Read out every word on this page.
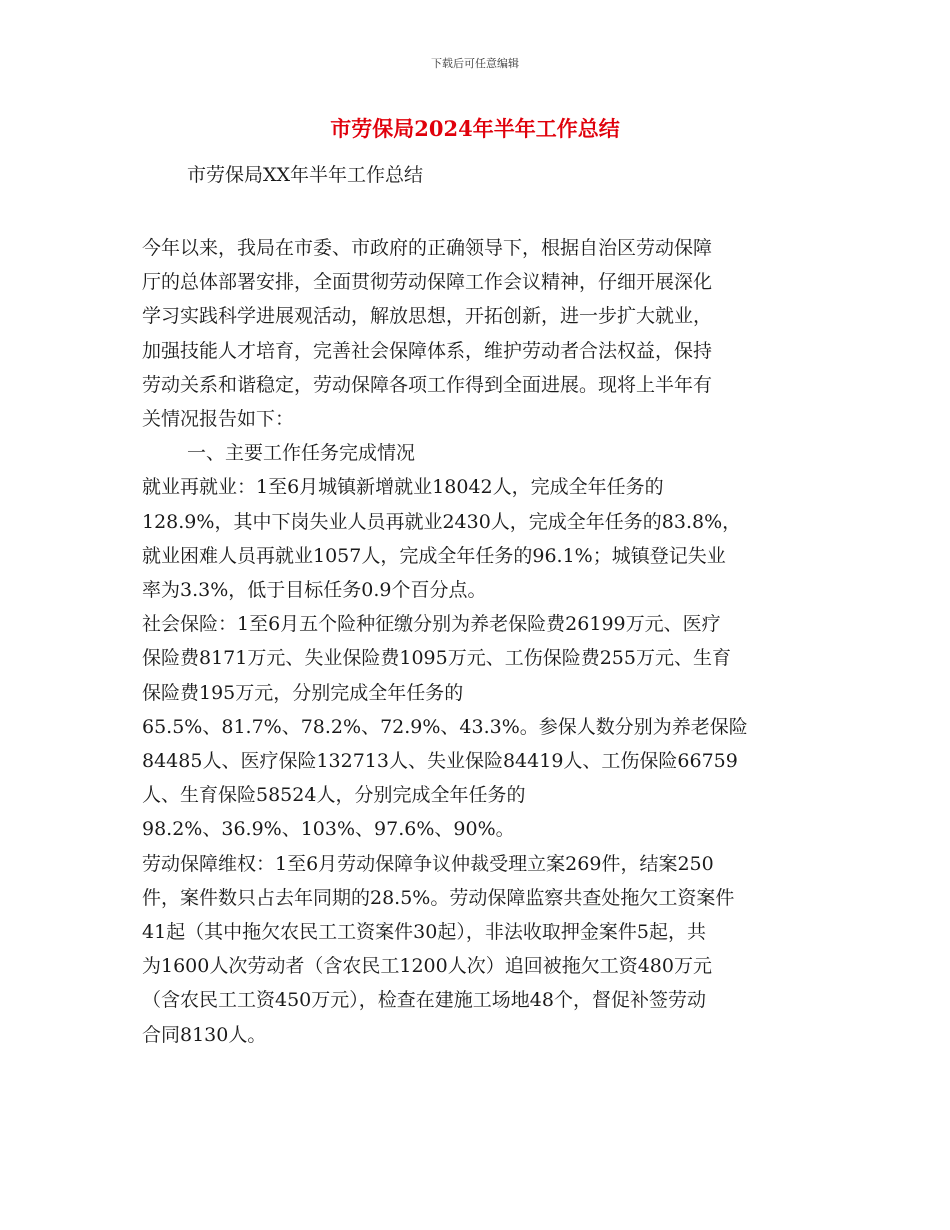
下载后可任意编辑
市劳保局2024年半年工作总结
市劳保局XX年半年工作总结

今年以来，我局在市委、市政府的正确领导下，根据自治区劳动保障
厅的总体部署安排，全面贯彻劳动保障工作会议精神，仔细开展深化
学习实践科学进展观活动，解放思想，开拓创新，进一步扩大就业，
加强技能人才培育，完善社会保障体系，维护劳动者合法权益，保持
劳动关系和谐稳定，劳动保障各项工作得到全面进展。现将上半年有
关情况报告如下：

一、主要工作任务完成情况

就业再就业：1至6月城镇新增就业18042人，完成全年任务的
128.9%，其中下岗失业人员再就业2430人，完成全年任务的83.8%，
就业困难人员再就业1057人，完成全年任务的96.1%；城镇登记失业
率为3.3%，低于目标任务0.9个百分点。

社会保险：1至6月五个险种征缴分别为养老保险费26199万元、医疗
保险费8171万元、失业保险费1095万元、工伤保险费255万元、生育
保险费195万元，分别完成全年任务的
65.5%、81.7%、78.2%、72.9%、43.3%。参保人数分别为养老保险
84485人、医疗保险132713人、失业保险84419人、工伤保险66759
人、生育保险58524人，分别完成全年任务的
98.2%、36.9%、103%、97.6%、90%。

劳动保障维权：1至6月劳动保障争议仲裁受理立案269件，结案250
件，案件数只占去年同期的28.5%。劳动保障监察共查处拖欠工资案件
41起（其中拖欠农民工工资案件30起），非法收取押金案件5起，共
为1600人次劳动者（含农民工1200人次）追回被拖欠工资480万元
（含农民工工资450万元），检查在建施工场地48个，督促补签劳动
合同8130人。
